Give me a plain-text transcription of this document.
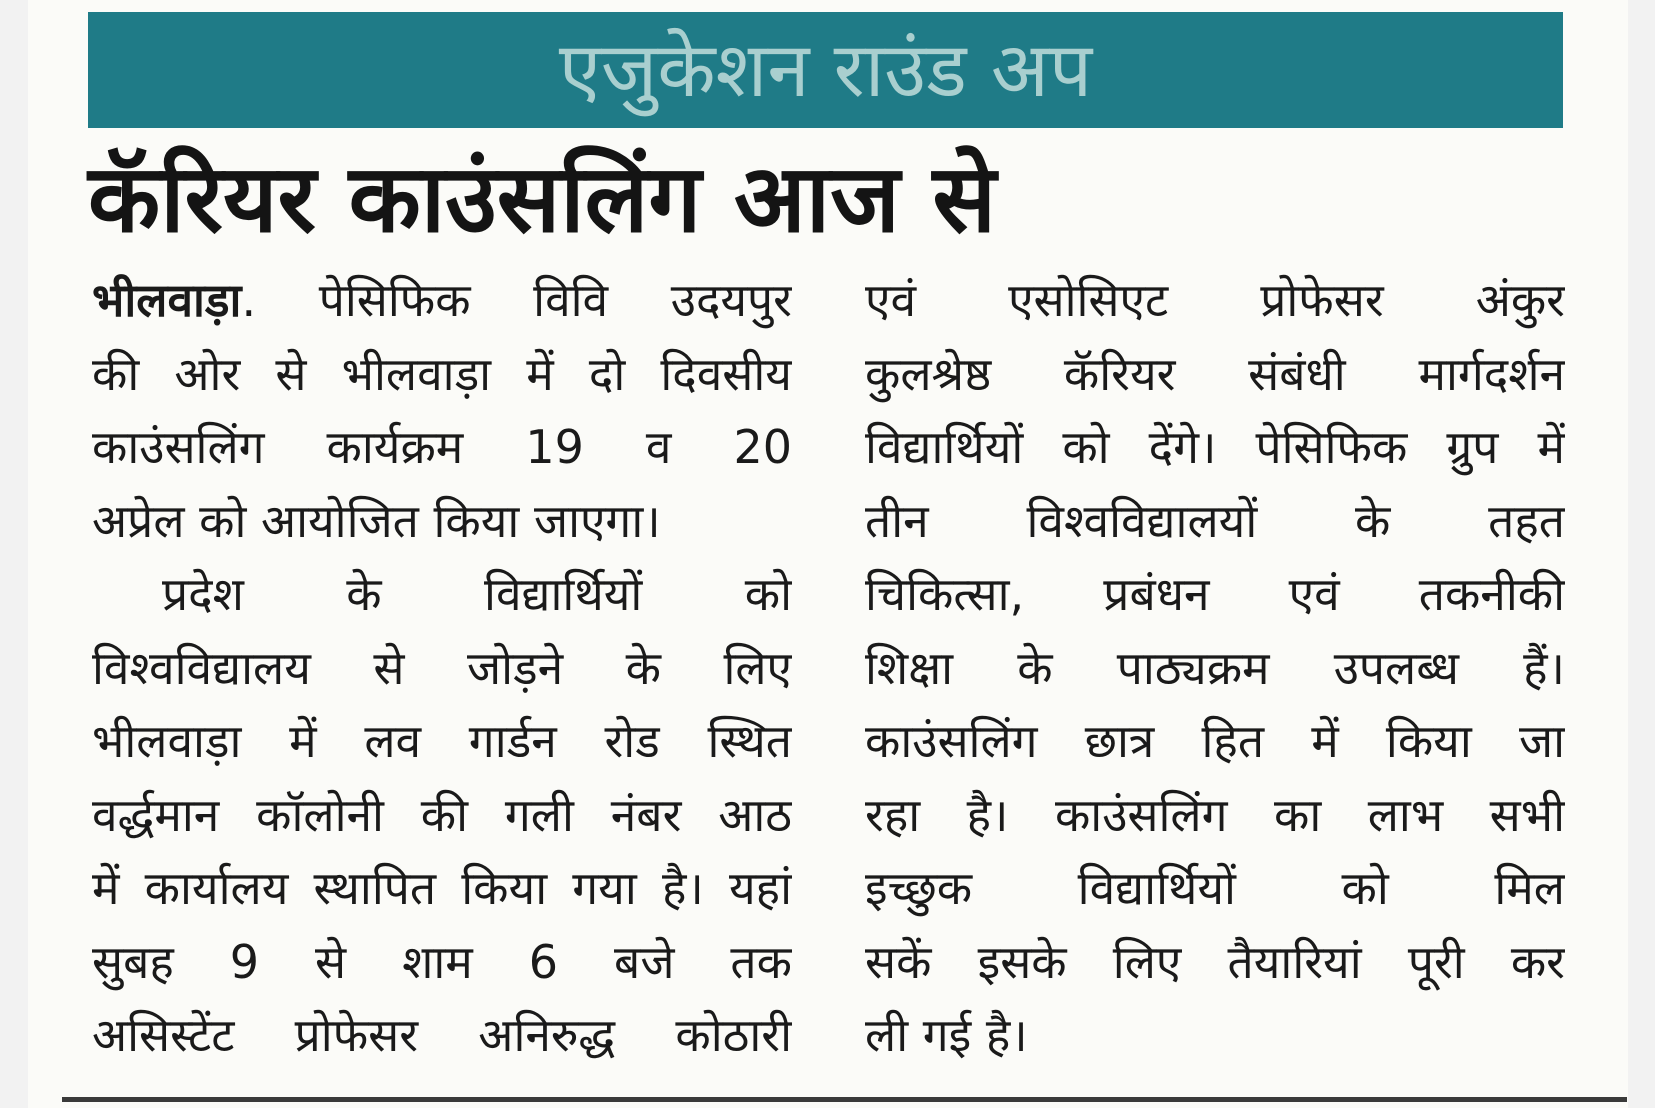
एजुकेशन राउंड अप
कॅरियर काउंसलिंग आज से
भीलवाड़ा. पेसिफिक विवि उदयपुर
की ओर से भीलवाड़ा में दो दिवसीय
काउंसलिंग कार्यक्रम 19 व 20
अप्रेल को आयोजित किया जाएगा।
प्रदेश के विद्यार्थियों को
विश्वविद्यालय से जोड़ने के लिए
भीलवाड़ा में लव गार्डन रोड स्थित
वर्द्धमान कॉलोनी की गली नंबर आठ
में कार्यालय स्थापित किया गया है। यहां
सुबह 9 से शाम 6 बजे तक
असिस्टेंट प्रोफेसर अनिरुद्ध कोठारी
एवं एसोसिएट प्रोफेसर अंकुर
कुलश्रेष्ठ कॅरियर संबंधी मार्गदर्शन
विद्यार्थियों को देंगे। पेसिफिक ग्रुप में
तीन विश्वविद्यालयों के तहत
चिकित्सा, प्रबंधन एवं तकनीकी
शिक्षा के पाठ्यक्रम उपलब्ध हैं।
काउंसलिंग छात्र हित में किया जा
रहा है। काउंसलिंग का लाभ सभी
इच्छुक विद्यार्थियों को मिल
सकें इसके लिए तैयारियां पूरी कर
ली गई है।
